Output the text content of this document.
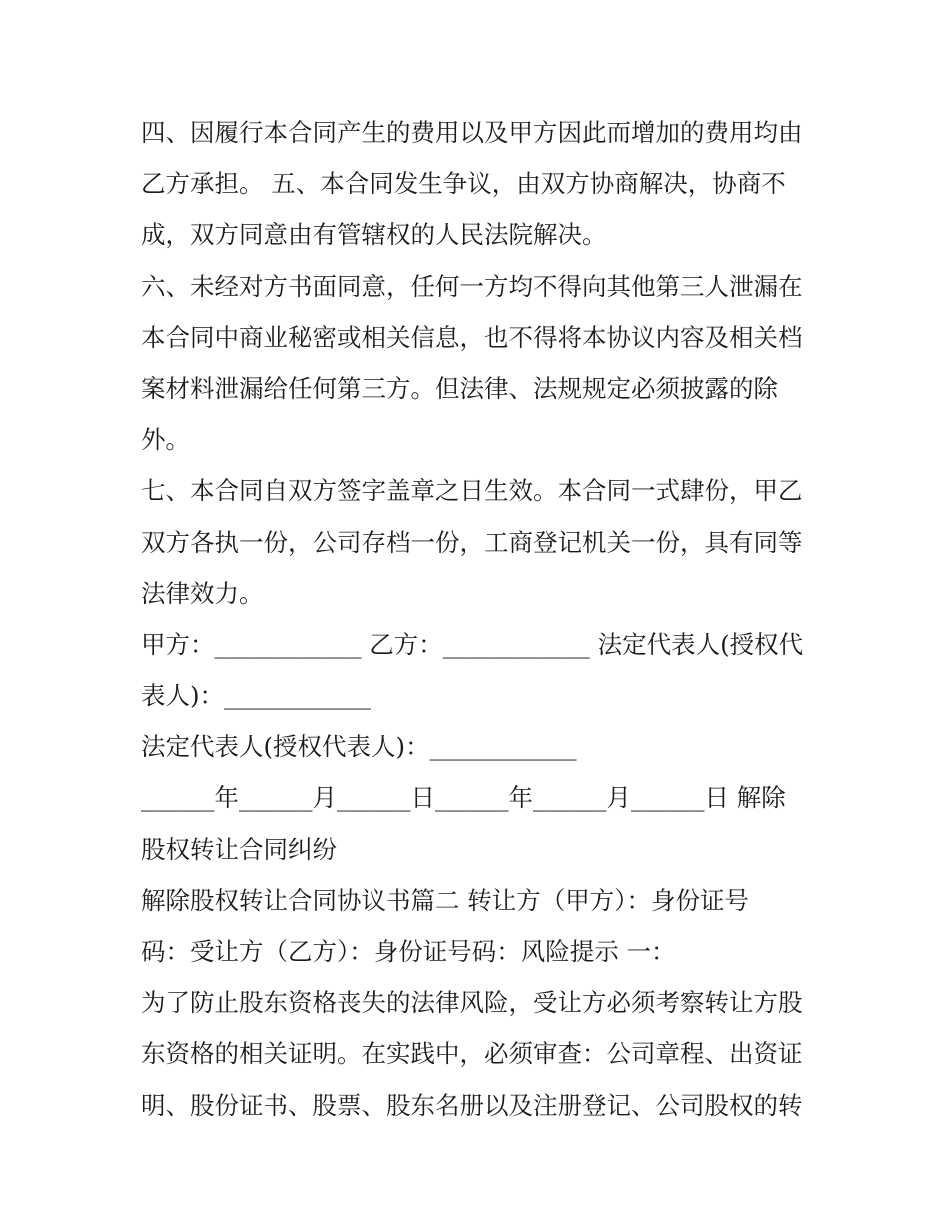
四、因履行本合同产生的费用以及甲方因此而增加的费用均由
乙方承担。 五、本合同发生争议，由双方协商解决，协商不
成，双方同意由有管辖权的人民法院解决。
六、未经对方书面同意，任何一方均不得向其他第三人泄漏在
本合同中商业秘密或相关信息，也不得将本协议内容及相关档
案材料泄漏给任何第三方。但法律、法规规定必须披露的除
外。
七、本合同自双方签字盖章之日生效。本合同一式肆份，甲乙
双方各执一份，公司存档一份，工商登记机关一份，具有同等
法律效力。
甲方：____________ 乙方：____________ 法定代表人(授权代
表人)：____________
法定代表人(授权代表人)：____________
______年______月______日______年______月______日 解除
股权转让合同纠纷
解除股权转让合同协议书篇二 转让方（甲方）：身份证号
码：受让方（乙方）：身份证号码：风险提示 一：
为了防止股东资格丧失的法律风险，受让方必须考察转让方股
东资格的相关证明。在实践中，必须审查：公司章程、出资证
明、股份证书、股票、股东名册以及注册登记、公司股权的转
